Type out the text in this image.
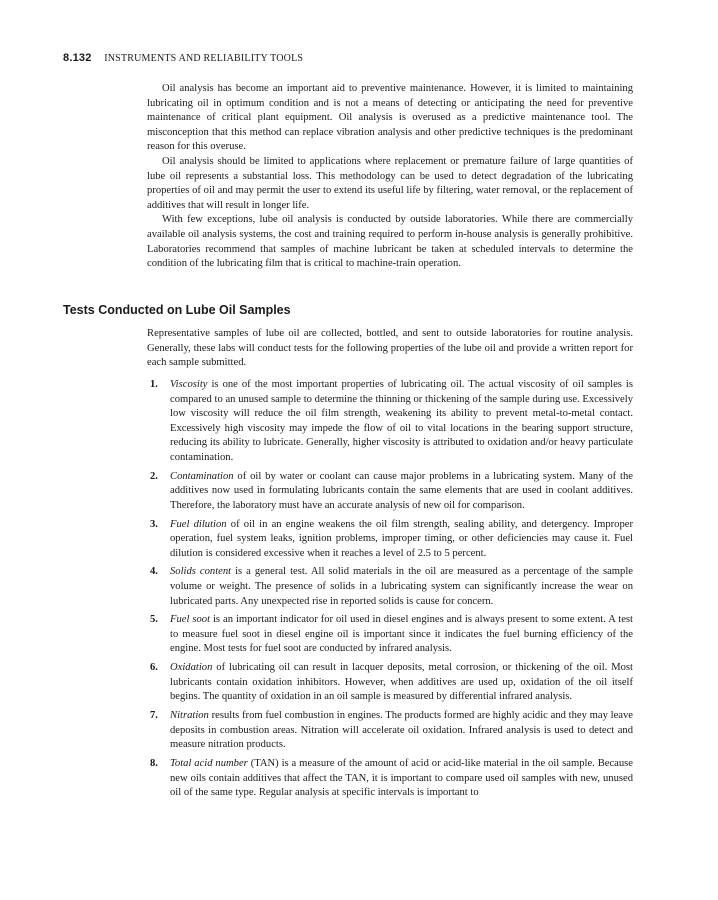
8.132 INSTRUMENTS AND RELIABILITY TOOLS

Oil analysis has become an important aid to preventive maintenance. However, it is limited to maintaining lubricating oil in optimum condition and is not a means of detecting or anticipating the need for preventive maintenance of critical plant equipment. Oil analysis is overused as a predictive maintenance tool. The misconception that this method can replace vibration analysis and other predictive techniques is the predominant reason for this overuse.

Oil analysis should be limited to applications where replacement or premature failure of large quantities of lube oil represents a substantial loss. This methodology can be used to detect degradation of the lubricating properties of oil and may permit the user to extend its useful life by filtering, water removal, or the replacement of additives that will result in longer life.

With few exceptions, lube oil analysis is conducted by outside laboratories. While there are commercially available oil analysis systems, the cost and training required to perform in-house analysis is generally prohibitive. Laboratories recommend that samples of machine lubricant be taken at scheduled intervals to determine the condition of the lubricating film that is critical to machine-train operation.

Tests Conducted on Lube Oil Samples

Representative samples of lube oil are collected, bottled, and sent to outside laboratories for routine analysis. Generally, these labs will conduct tests for the following properties of the lube oil and provide a written report for each sample submitted.

1. Viscosity is one of the most important properties of lubricating oil. The actual viscosity of oil samples is compared to an unused sample to determine the thinning or thickening of the sample during use. Excessively low viscosity will reduce the oil film strength, weakening its ability to prevent metal-to-metal contact. Excessively high viscosity may impede the flow of oil to vital locations in the bearing support structure, reducing its ability to lubricate. Generally, higher viscosity is attributed to oxidation and/or heavy particulate contamination.
2. Contamination of oil by water or coolant can cause major problems in a lubricating system. Many of the additives now used in formulating lubricants contain the same elements that are used in coolant additives. Therefore, the laboratory must have an accurate analysis of new oil for comparison.
3. Fuel dilution of oil in an engine weakens the oil film strength, sealing ability, and detergency. Improper operation, fuel system leaks, ignition problems, improper timing, or other deficiencies may cause it. Fuel dilution is considered excessive when it reaches a level of 2.5 to 5 percent.
4. Solids content is a general test. All solid materials in the oil are measured as a percentage of the sample volume or weight. The presence of solids in a lubricating system can significantly increase the wear on lubricated parts. Any unexpected rise in reported solids is cause for concern.
5. Fuel soot is an important indicator for oil used in diesel engines and is always present to some extent. A test to measure fuel soot in diesel engine oil is important since it indicates the fuel burning efficiency of the engine. Most tests for fuel soot are conducted by infrared analysis.
6. Oxidation of lubricating oil can result in lacquer deposits, metal corrosion, or thickening of the oil. Most lubricants contain oxidation inhibitors. However, when additives are used up, oxidation of the oil itself begins. The quantity of oxidation in an oil sample is measured by differential infrared analysis.
7. Nitration results from fuel combustion in engines. The products formed are highly acidic and they may leave deposits in combustion areas. Nitration will accelerate oil oxidation. Infrared analysis is used to detect and measure nitration products.
8. Total acid number (TAN) is a measure of the amount of acid or acid-like material in the oil sample. Because new oils contain additives that affect the TAN, it is important to compare used oil samples with new, unused oil of the same type. Regular analysis at specific intervals is important to
